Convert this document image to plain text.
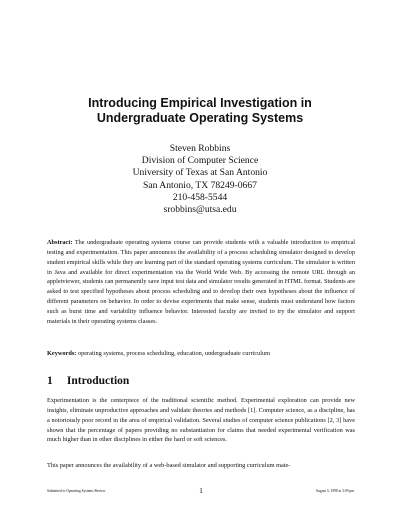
Introducing Empirical Investigation in
Undergraduate Operating Systems
Steven Robbins
Division of Computer Science
University of Texas at San Antonio
San Antonio, TX 78249-0667
210-458-5544
srobbins@utsa.edu
Abstract: The undergraduate operating systems course can provide students with a valuable introduction to empirical testing and experimentation. This paper announces the availability of a process scheduling simulator designed to develop student empirical skills while they are learning part of the standard operating systems curriculum. The simulator is written in Java and available for direct experimentation via the World Wide Web. By accessing the remote URL through an appletviewer, students can permanently save input test data and simulator results generated in HTML format. Students are asked to test specified hypotheses about process scheduling and to develop their own hypotheses about the influence of different parameters on behavior. In order to devise experiments that make sense, students must understand how factors such as burst time and variability influence behavior. Interested faculty are invited to try the simulator and support materials in their operating systems classes.
Keywords: operating systems, process scheduling, education, undergraduate curriculum
1 Introduction
Experimentation is the centerpiece of the traditional scientific method. Experimental exploration can provide new insights, eliminate unproductive approaches and validate theories and methods [1]. Computer science, as a discipline, has a notoriously poor record in the area of empirical validation. Several studies of computer science publications [2, 3] have shown that the percentage of papers providing no substantiation for claims that needed experimental verification was much higher than in other disciplines in either the hard or soft sciences.
This paper announces the availability of a web-based simulator and supporting curriculum mate-
Submitted to Operating Systems Review	1	August 5, 1998 at 3:09 pm
